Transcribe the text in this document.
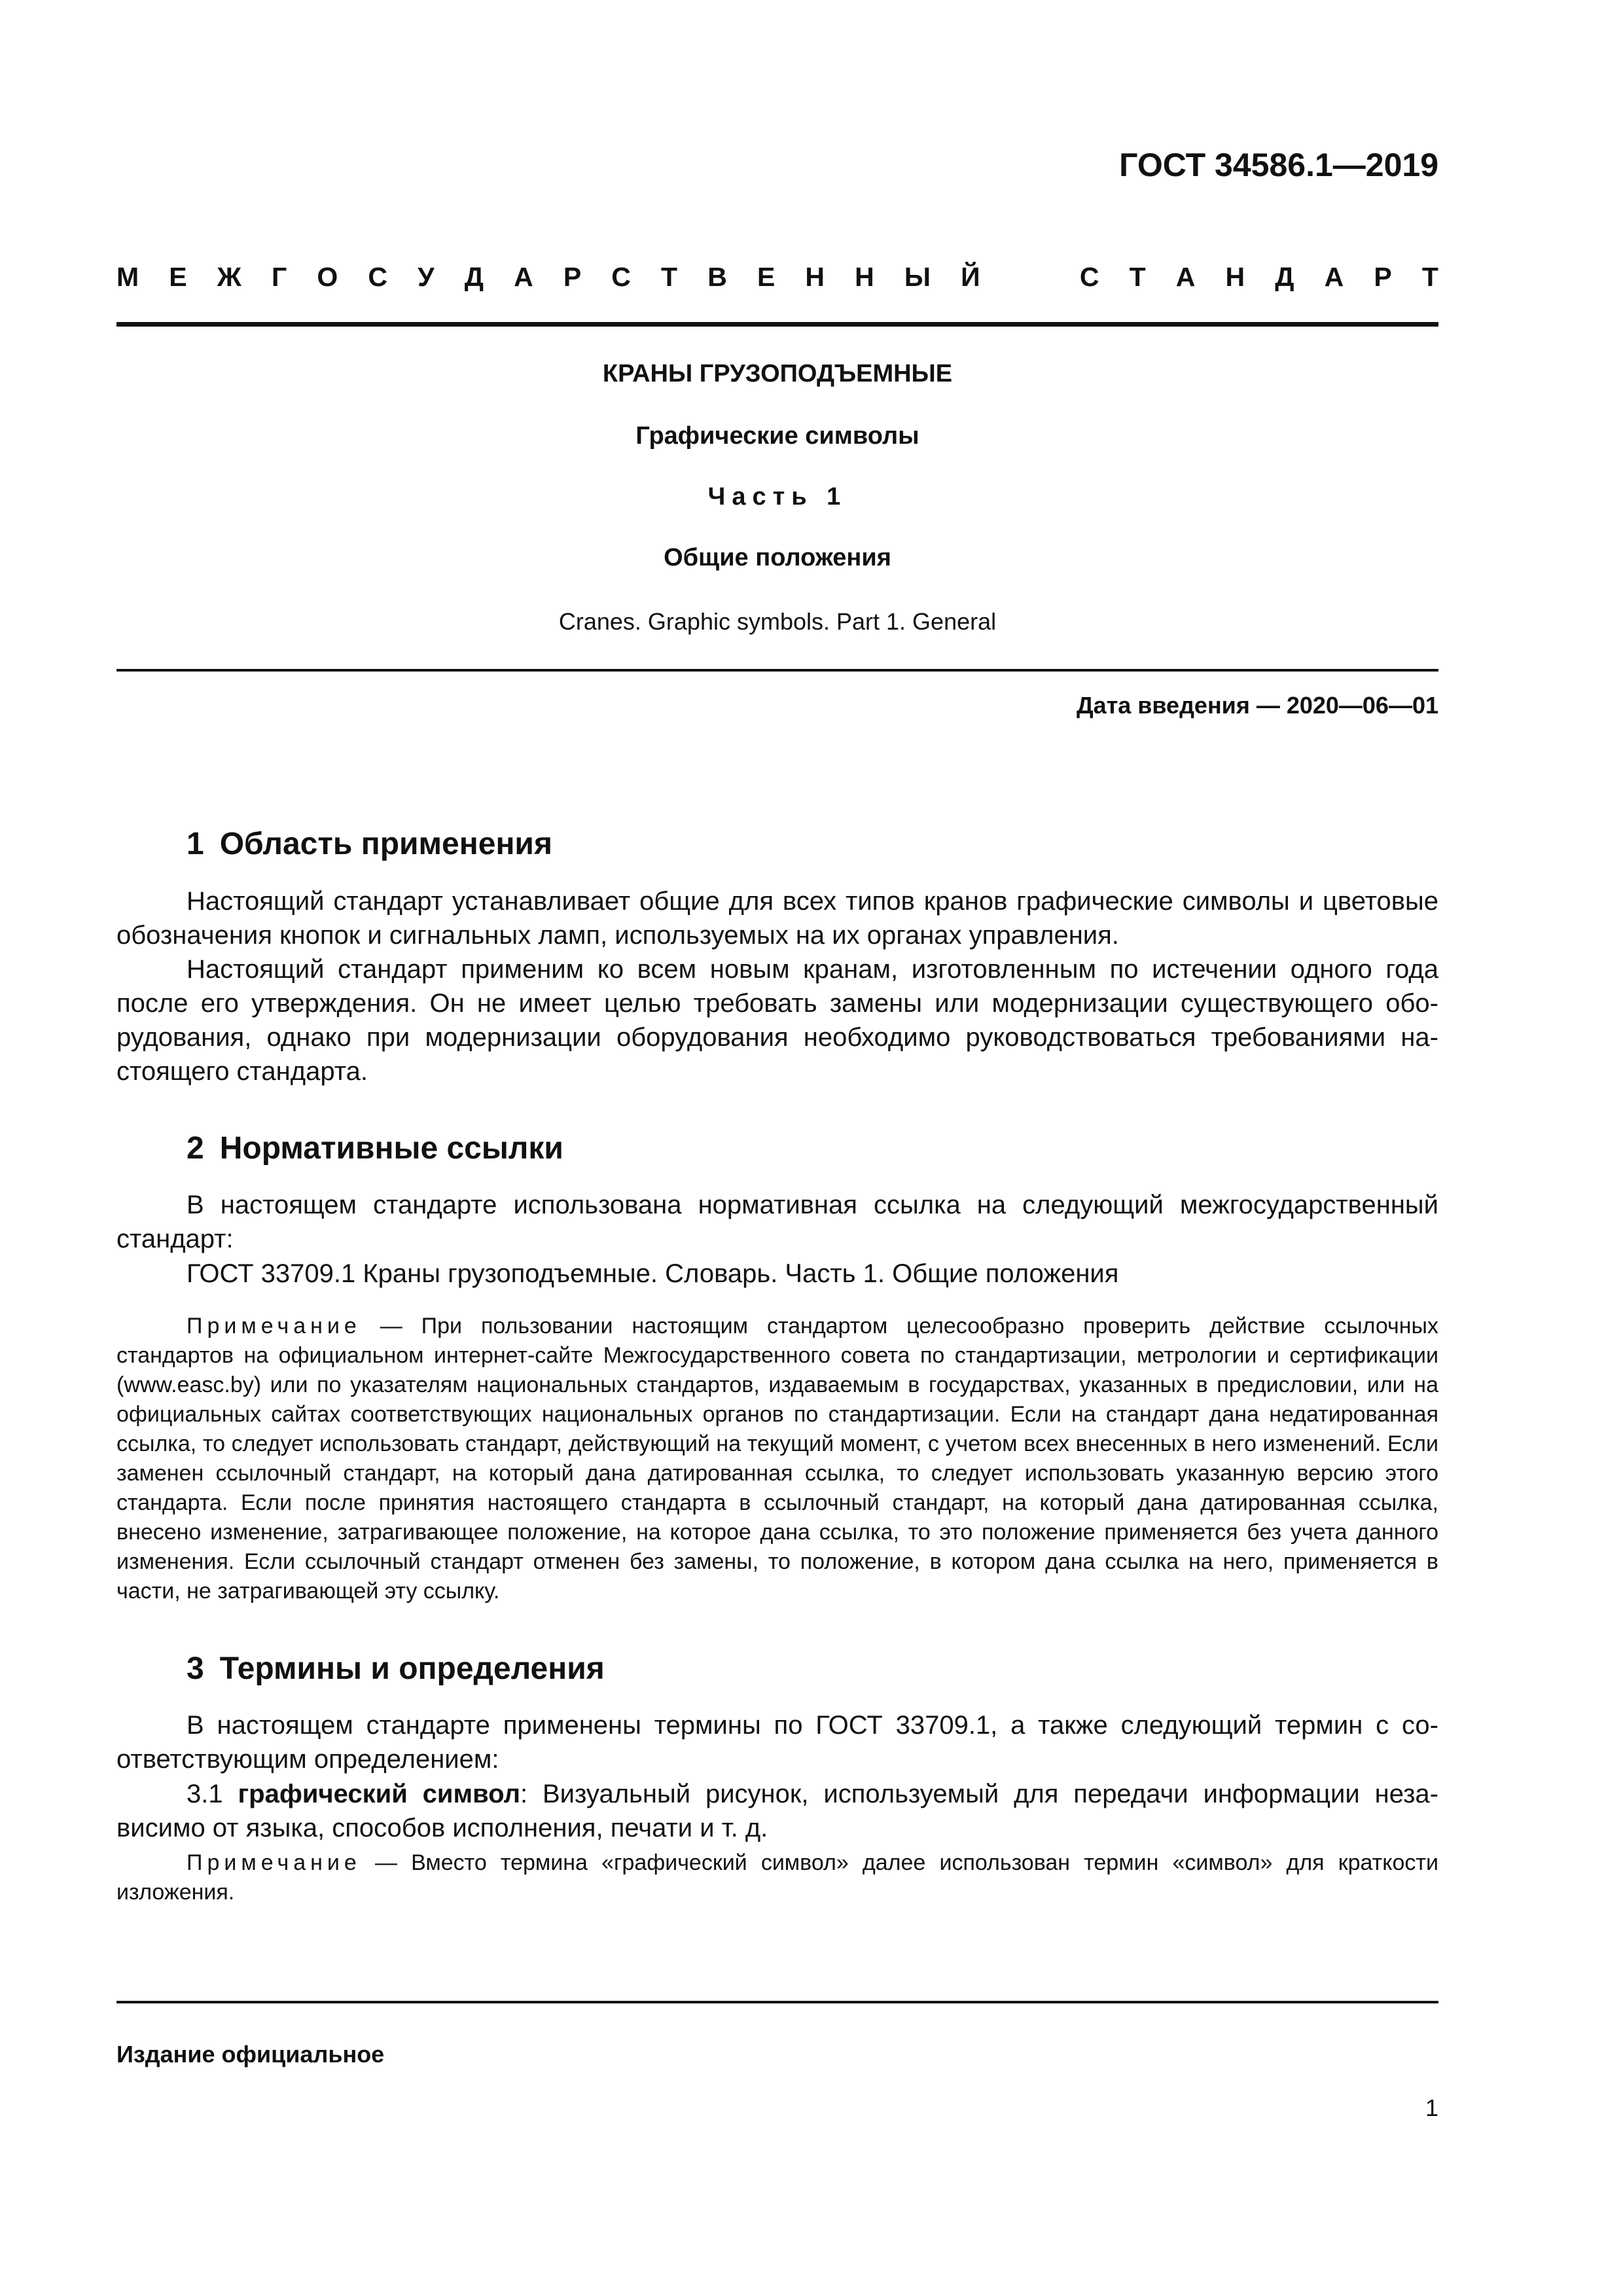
ГОСТ 34586.1—2019
М Е Ж Г О С У Д А Р С Т В Е Н Н Ы Й	С Т А Н Д А Р Т
КРАНЫ ГРУЗОПОДЪЕМНЫЕ
Графические символы
Часть 1
Общие положения
Cranes. Graphic symbols. Part 1. General
Дата введения — 2020—06—01
1 Область применения

Настоящий стандарт устанавливает общие для всех типов кранов графические символы и цветовые обозначения кнопок и сигнальных ламп, используемых на их органах управления.

Настоящий стандарт применим ко всем новым кранам, изготовленным по истечении одного года после его утверждения. Он не имеет целью требовать замены или модернизации существующего оборудования, однако при модернизации оборудования необходимо руководствоваться требованиями настоящего стандарта.

2 Нормативные ссылки

В настоящем стандарте использована нормативная ссылка на следующий межгосударственный стандарт:

ГОСТ 33709.1 Краны грузоподъемные. Словарь. Часть 1. Общие положения

Примечание — При пользовании настоящим стандартом целесообразно проверить действие ссылочных стандартов на официальном интернет-сайте Межгосударственного совета по стандартизации, метрологии и сертификации (www.easc.by) или по указателям национальных стандартов, издаваемым в государствах, указанных в предисловии, или на официальных сайтах соответствующих национальных органов по стандартизации. Если на стандарт дана недатированная ссылка, то следует использовать стандарт, действующий на текущий момент, с учетом всех внесенных в него изменений. Если заменен ссылочный стандарт, на который дана датированная ссылка, то следует использовать указанную версию этого стандарта. Если после принятия настоящего стандарта в ссылочный стандарт, на который дана датированная ссылка, внесено изменение, затрагивающее положение, на которое дана ссылка, то это положение применяется без учета данного изменения. Если ссылочный стандарт отменен без замены, то положение, в котором дана ссылка на него, применяется в части, не затрагивающей эту ссылку.

3 Термины и определения

В настоящем стандарте применены термины по ГОСТ 33709.1, а также следующий термин с соответствующим определением:

3.1 графический символ: Визуальный рисунок, используемый для передачи информации независимо от языка, способов исполнения, печати и т. д.

Примечание — Вместо термина «графический символ» далее использован термин «символ» для краткости изложения.

Издание официальное
1
